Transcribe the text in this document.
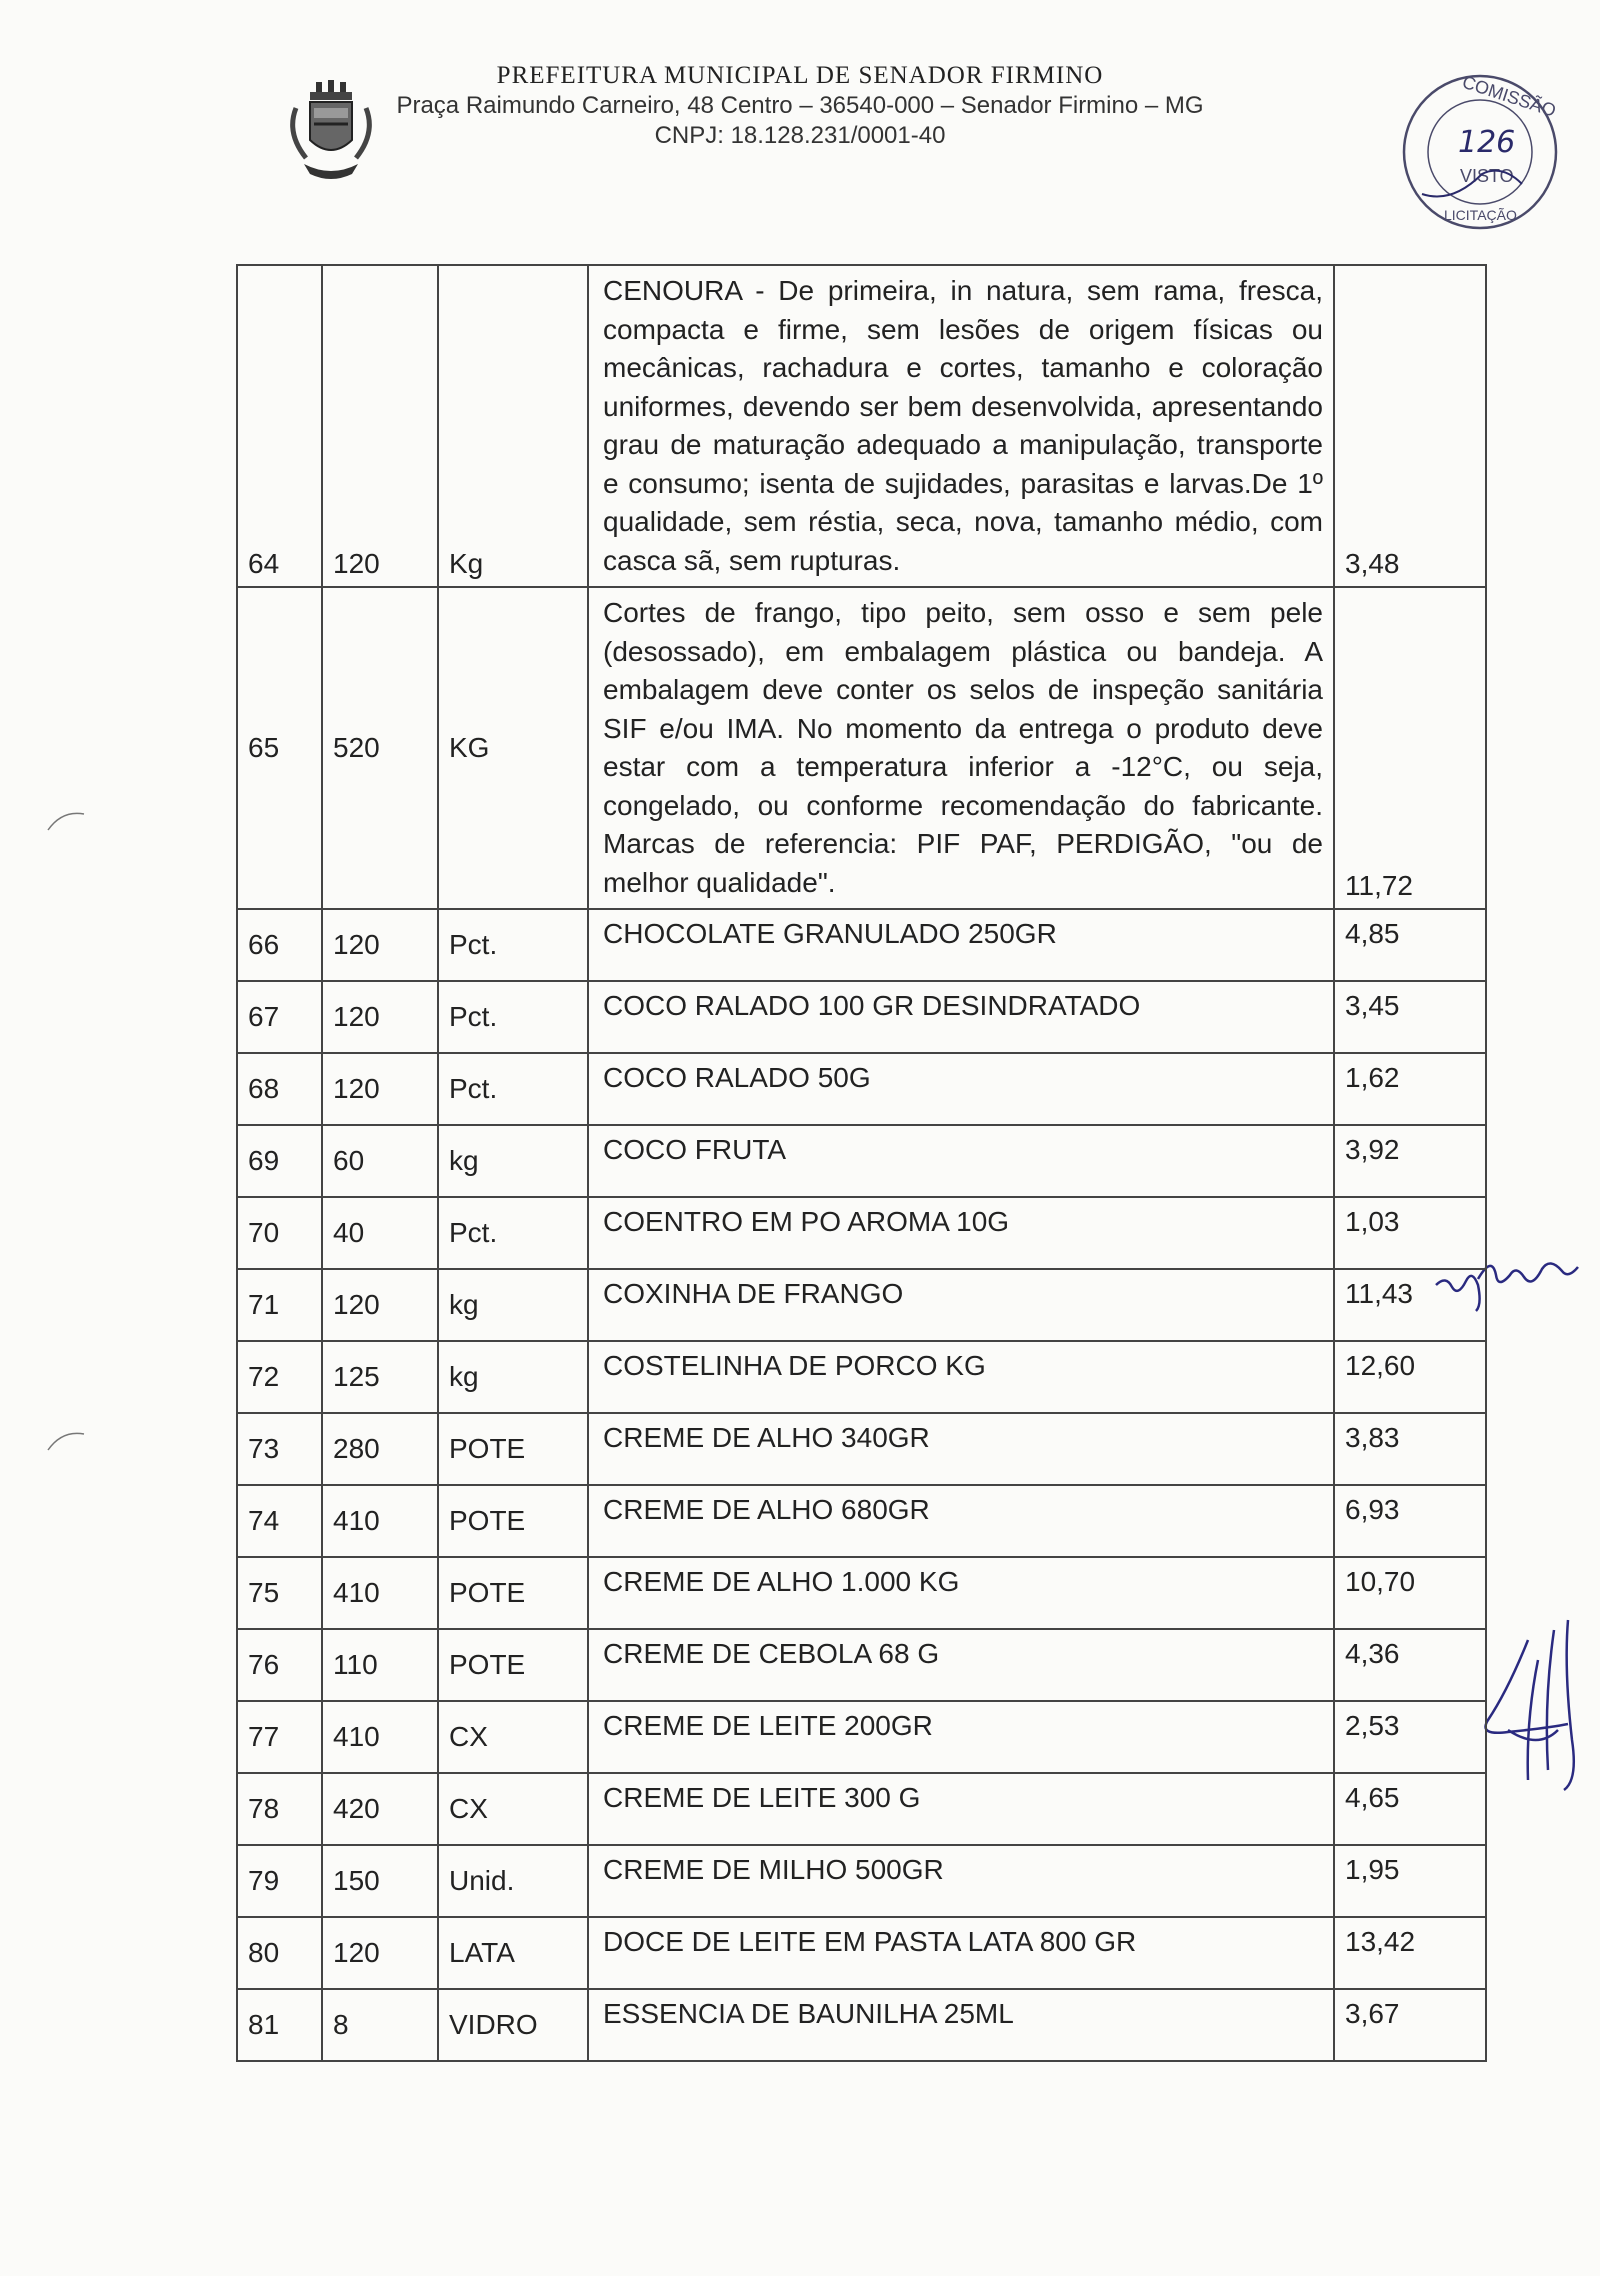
PREFEITURA MUNICIPAL DE SENADOR FIRMINO
Praça Raimundo Carneiro, 48 Centro – 36540-000 – Senador Firmino – MG
CNPJ: 18.128.231/0001-40
COMISSÃO
126
VISTO
LICITAÇÃO
64	120	Kg	CENOURA - De primeira, in natura, sem rama, fresca, compacta e firme, sem lesões de origem físicas ou mecânicas, rachadura e cortes, tamanho e coloração uniformes, devendo ser bem desenvolvida, apresentando grau de maturação adequado a manipulação, transporte e consumo; isenta de sujidades, parasitas e larvas.De 1º qualidade, sem réstia, seca, nova, tamanho médio, com casca sã, sem rupturas.	3,48
65	520	KG	Cortes de frango, tipo peito, sem osso e sem pele (desossado), em embalagem plástica ou bandeja. A embalagem deve conter os selos de inspeção sanitária SIF e/ou IMA. No momento da entrega o produto deve estar com a temperatura inferior a -12°C, ou seja, congelado, ou conforme recomendação do fabricante. Marcas de referencia: PIF PAF, PERDIGÃO, "ou de melhor qualidade".	11,72
66	120	Pct.	CHOCOLATE GRANULADO 250GR	4,85
67	120	Pct.	COCO RALADO 100 GR DESINDRATADO	3,45
68	120	Pct.	COCO RALADO 50G	1,62
69	60	kg	COCO FRUTA	3,92
70	40	Pct.	COENTRO EM PO AROMA 10G	1,03
71	120	kg	COXINHA DE FRANGO	11,43
72	125	kg	COSTELINHA DE PORCO KG	12,60
73	280	POTE	CREME DE ALHO 340GR	3,83
74	410	POTE	CREME DE ALHO 680GR	6,93
75	410	POTE	CREME DE ALHO 1.000 KG	10,70
76	110	POTE	CREME DE CEBOLA 68 G	4,36
77	410	CX	CREME DE LEITE 200GR	2,53
78	420	CX	CREME DE LEITE 300 G	4,65
79	150	Unid.	CREME DE MILHO 500GR	1,95
80	120	LATA	DOCE DE LEITE EM PASTA LATA 800 GR	13,42
81	8	VIDRO	ESSENCIA DE BAUNILHA 25ML	3,67
